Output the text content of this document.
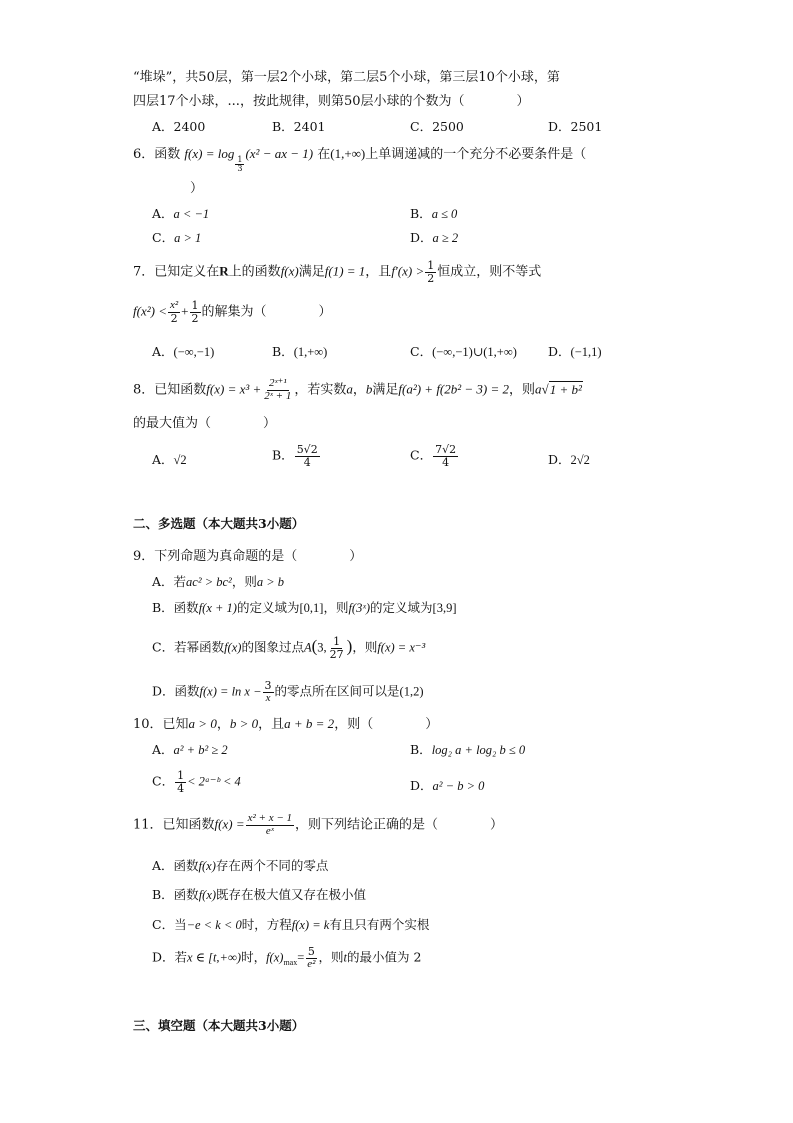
“堆垛”，共50层，第一层2个小球，第二层5个小球，第三层10个小球，第
四层17个小球，...，按此规律，则第50层小球的个数为（　　　　）
A．2400	B．2401	C．2500	D．2501
6．函数 f(x) = log
$\frac{1}{3}$
(x² − ax − 1) 在(1,+∞)上单调递减的一个充分不必要条件是（
）
A．a < −1	B．a ≤ 0
C．a > 1	D．a ≥ 2
7．已知定义在R上的函数f(x)满足f(1) = 1，且$f'(x) > \frac{1}{2}$ 恒成立，则不等式
$f(x^2) < \frac{\text{x²}}{2} + \frac{1}{2}$ 的解集为（　　　　）
A．(−∞,−1)	B．(1,+∞)	C．(−∞,−1)∪(1,+∞) D．(−1,1)
8．已知函数$f(x) = x^3 + \frac{\text{2ˣ⁺¹}}{\text{2ˣ + 1}}$ ，若实数a，b满足f(a²) + f(2b² − 3) = 2，则a√1 + b²
的最大值为（　　　　）
A．√2	B． $\frac{5√2}{4}$	C． $\frac{7√2}{4}$	D．2√2
二、多选题（本大题共3小题）
9．下列命题为真命题的是（　　　　）
A．若ac² > bc²，则a > b
B．函数f(x + 1)的定义域为[0,1]，则f(3ˣ)的定义域为[3,9]
C．若幂函数f(x)的图象过点A(3, $\frac{1}{27}$ )，则f(x) = x⁻³
D．函数$f(x) = \ln x - \frac{3}{x}$ 的零点所在区间可以是(1,2)
10．已知a > 0，b > 0，且a + b = 2，则（　　　　）
A．a² + b² ≥ 2	B．log₂ a + log₂ b ≤ 0
C． $\frac{1}{4}$ < 2ᵃ⁻ᵇ < 4	D．a² − b > 0
11．已知函数$f(x) = \frac{\text{x² + x − 1}}{\text{eˣ}}$ ，则下列结论正确的是（　　　　）
A．函数f(x)存在两个不同的零点
B．函数f(x)既存在极大值又存在极小值
C．当−e < k < 0时，方程f(x) = k有且只有两个实根
D．若x ∈ [t,+∞)时，$f(x)_{max}= \frac{5}{\text{e²}}$ ，则t的最小值为 2
三、填空题（本大题共3小题）
